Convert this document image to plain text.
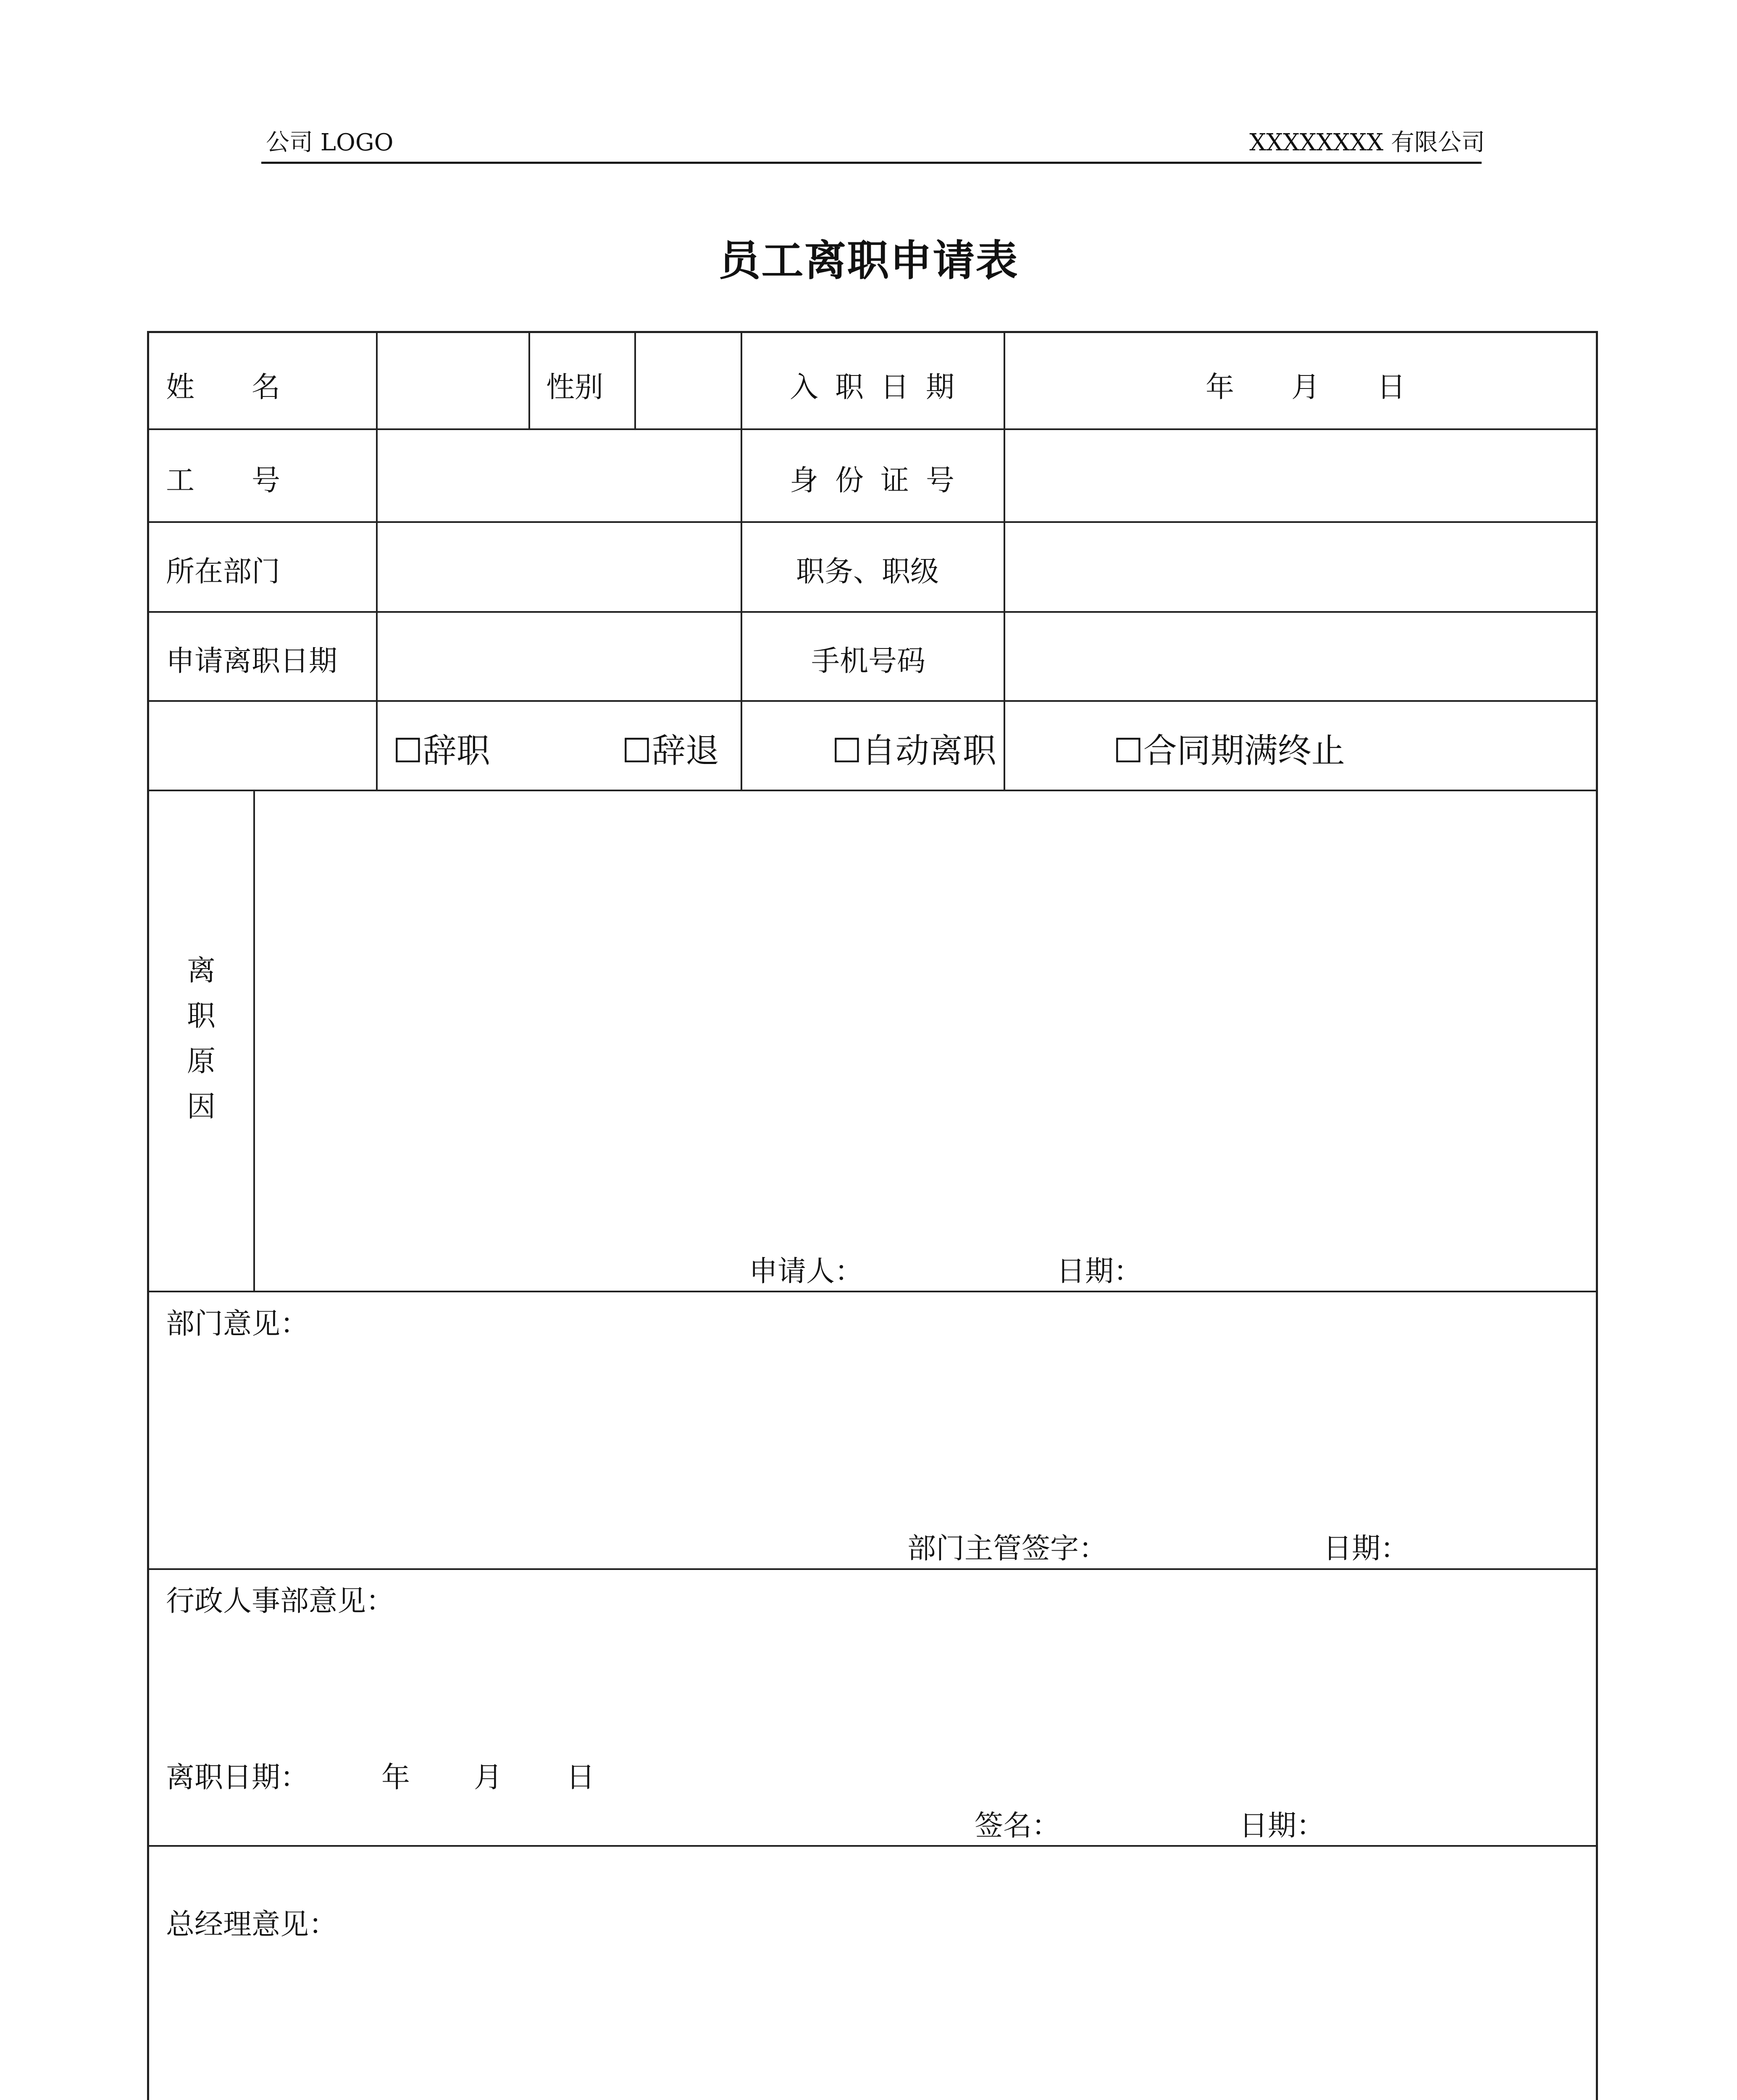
公司 LOGO	XXXXXXXX 有限公司
员工离职申请表
姓　　名	性别	入职日期	年　　月　　日
工　　号	身份证号
所在部门	职务、职级
申请离职日期	手机号码
☐辞职	☐辞退	☐自动离职	☐合同期满终止
离
职
原
因
申请人：	日期：
部门意见：
部门主管签字：	日期：
行政人事部意见：
离职日期：	年 月 日
签名：	日期：
总经理意见：
